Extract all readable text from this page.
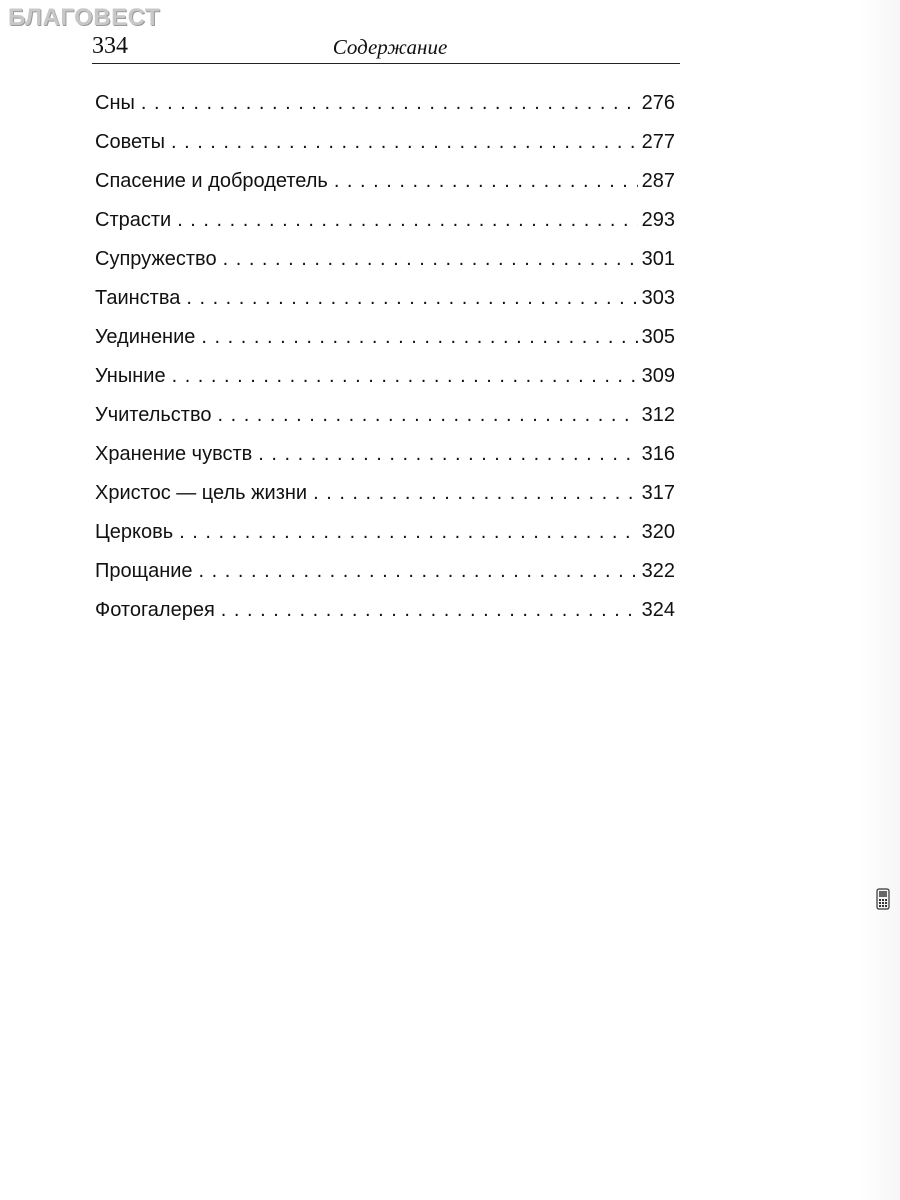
БЛАГОВЕСТ
334	Содержание
Сны . . .	276
Советы . . .	277
Спасение и добродетель . . .	287
Страсти . . .	293
Супружество . . .	301
Таинства . . .	303
Уединение . . .	305
Уныние . . .	309
Учительство . . .	312
Хранение чувств . . .	316
Христос — цель жизни . . .	317
Церковь . . .	320
Прощание . . .	322
Фотогалерея . . .	324
